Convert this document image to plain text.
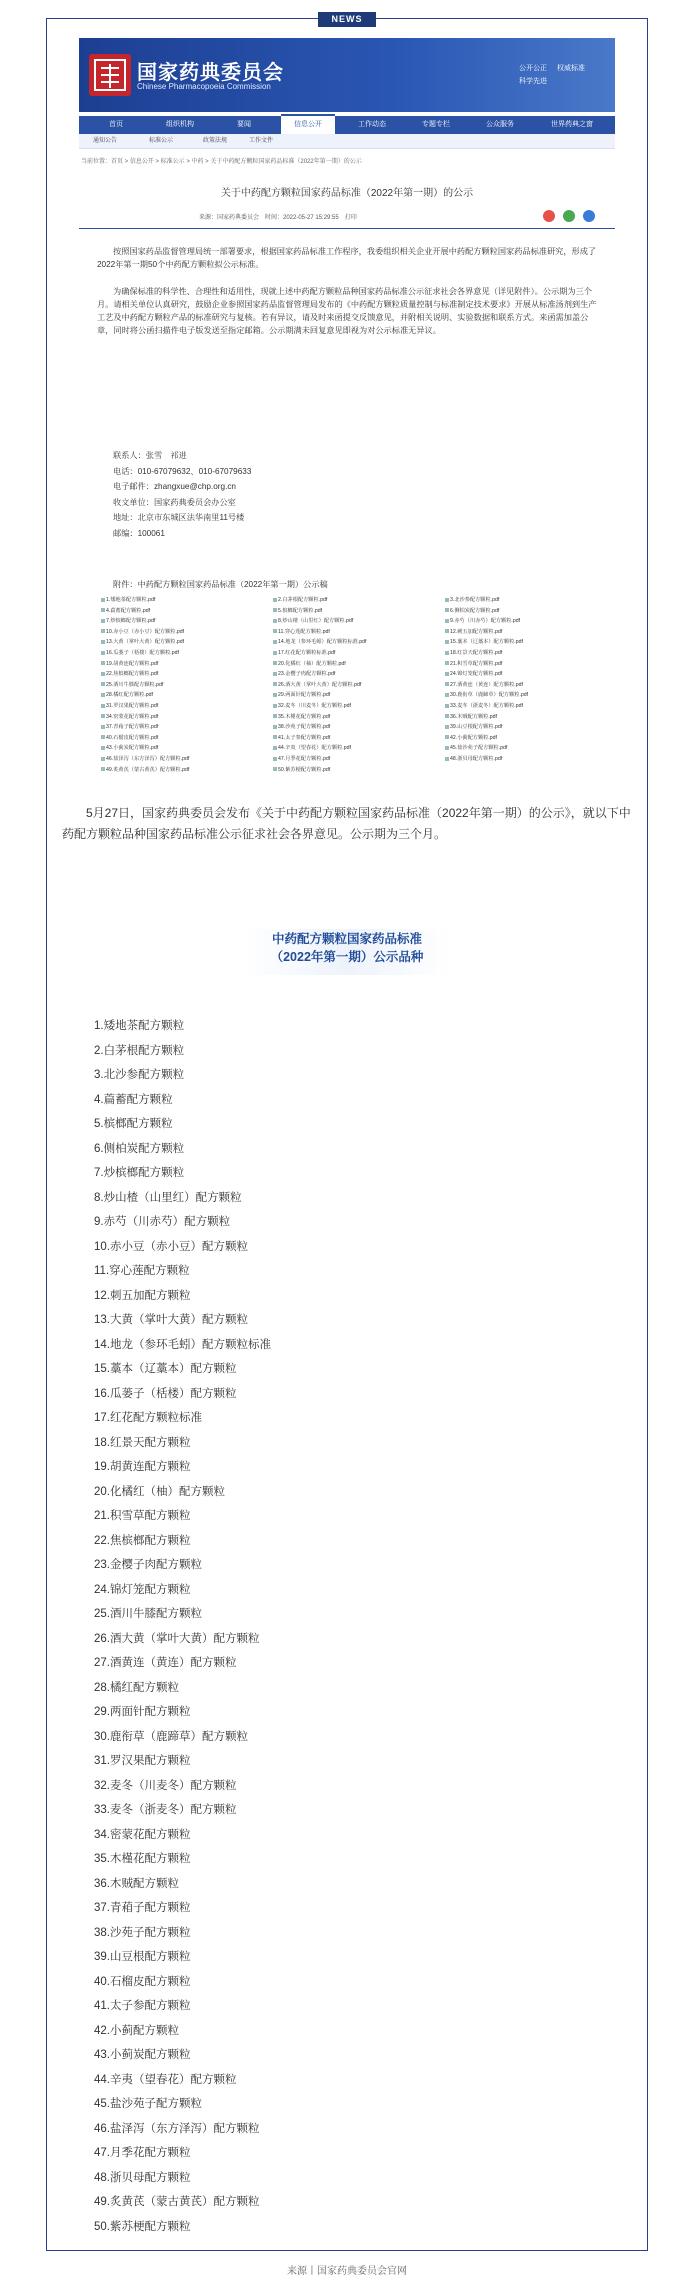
NEWS
国家药典委员会
Chinese Pharmacopoeia Commission
公开公正 权威标准
科学先进
首页	组织机构	要闻	信息公开	工作动态	专题专栏	公众服务	世界药典之窗
通知公告	标准公示	政策法规	工作文件
当前位置：首页 > 信息公开 > 标准公示 > 中药 > 关于中药配方颗粒国家药品标准（2022年第一期）的公示
关于中药配方颗粒国家药品标准（2022年第一期）的公示
来源：国家药典委员会　时间：2022-05-27 15:29:55　打印

按照国家药品监督管理局统一部署要求，根据国家药品标准工作程序，我委组织相关企业开展中药配方颗粒国家药品标准研究，形成了2022年第一期50个中药配方颗粒拟公示标准。

为确保标准的科学性、合理性和适用性，现就上述中药配方颗粒品种国家药品标准公示征求社会各界意见（详见附件）。公示期为三个月。请相关单位认真研究，鼓励企业参照国家药品监督管理局发布的《中药配方颗粒质量控制与标准制定技术要求》开展从标准汤剂到生产工艺及中药配方颗粒产品的标准研究与复核。若有异议，请及时来函提交反馈意见，并附相关说明、实验数据和联系方式。来函需加盖公章，同时将公函扫描件电子版发送至指定邮箱。公示期满未回复意见即视为对公示标准无异议。

联系人：张雪　祁进
电话：010-67079632、010-67079633
电子邮件：zhangxue@chp.org.cn
收文单位：国家药典委员会办公室
地址：北京市东城区法华南里11号楼
邮编：100061
附件：中药配方颗粒国家药品标准（2022年第一期）公示稿
1.矮地茶配方颗粒.pdf	2.白茅根配方颗粒.pdf	3.北沙参配方颗粒.pdf
4.萹蓄配方颗粒.pdf	5.槟榔配方颗粒.pdf	6.侧柏炭配方颗粒.pdf
7.炒槟榔配方颗粒.pdf	8.炒山楂（山里红）配方颗粒.pdf	9.赤芍（川赤芍）配方颗粒.pdf
10.赤小豆（赤小豆）配方颗粒.pdf	11.穿心莲配方颗粒.pdf	12.刺五加配方颗粒.pdf
13.大黄（掌叶大黄）配方颗粒.pdf	14.地龙（参环毛蚓）配方颗粒标准.pdf	15.藁本（辽藁本）配方颗粒.pdf
16.瓜蒌子（栝楼）配方颗粒.pdf	17.红花配方颗粒标准.pdf	18.红景天配方颗粒.pdf
19.胡黄连配方颗粒.pdf	20.化橘红（柚）配方颗粒.pdf	21.积雪草配方颗粒.pdf
22.焦槟榔配方颗粒.pdf	23.金樱子肉配方颗粒.pdf	24.锦灯笼配方颗粒.pdf
25.酒川牛膝配方颗粒.pdf	26.酒大黄（掌叶大黄）配方颗粒.pdf	27.酒黄连（黄连）配方颗粒.pdf
28.橘红配方颗粒.pdf	29.两面针配方颗粒.pdf	30.鹿衔草（鹿蹄草）配方颗粒.pdf
31.罗汉果配方颗粒.pdf	32.麦冬（川麦冬）配方颗粒.pdf	33.麦冬（浙麦冬）配方颗粒.pdf
34.密蒙花配方颗粒.pdf	35.木槿花配方颗粒.pdf	36.木贼配方颗粒.pdf
37.青葙子配方颗粒.pdf	38.沙苑子配方颗粒.pdf	39.山豆根配方颗粒.pdf
40.石榴皮配方颗粒.pdf	41.太子参配方颗粒.pdf	42.小蓟配方颗粒.pdf
43.小蓟炭配方颗粒.pdf	44.辛夷（望春花）配方颗粒.pdf	45.盐沙苑子配方颗粒.pdf
46.盐泽泻（东方泽泻）配方颗粒.pdf	47.月季花配方颗粒.pdf	48.浙贝母配方颗粒.pdf
49.炙黄芪（蒙古黄芪）配方颗粒.pdf	50.紫苏梗配方颗粒.pdf

5月27日，国家药典委员会发布《关于中药配方颗粒国家药品标准（2022年第一期）的公示》，就以下中药配方颗粒品种国家药品标准公示征求社会各界意见。公示期为三个月。

中药配方颗粒国家药品标准
（2022年第一期）公示品种
1.矮地茶配方颗粒
2.白茅根配方颗粒
3.北沙参配方颗粒
4.萹蓄配方颗粒
5.槟榔配方颗粒
6.侧柏炭配方颗粒
7.炒槟榔配方颗粒
8.炒山楂（山里红）配方颗粒
9.赤芍（川赤芍）配方颗粒
10.赤小豆（赤小豆）配方颗粒
11.穿心莲配方颗粒
12.刺五加配方颗粒
13.大黄（掌叶大黄）配方颗粒
14.地龙（参环毛蚓）配方颗粒标准
15.藁本（辽藁本）配方颗粒
16.瓜蒌子（栝楼）配方颗粒
17.红花配方颗粒标准
18.红景天配方颗粒
19.胡黄连配方颗粒
20.化橘红（柚）配方颗粒
21.积雪草配方颗粒
22.焦槟榔配方颗粒
23.金樱子肉配方颗粒
24.锦灯笼配方颗粒
25.酒川牛膝配方颗粒
26.酒大黄（掌叶大黄）配方颗粒
27.酒黄连（黄连）配方颗粒
28.橘红配方颗粒
29.两面针配方颗粒
30.鹿衔草（鹿蹄草）配方颗粒
31.罗汉果配方颗粒
32.麦冬（川麦冬）配方颗粒
33.麦冬（浙麦冬）配方颗粒
34.密蒙花配方颗粒
35.木槿花配方颗粒
36.木贼配方颗粒
37.青葙子配方颗粒
38.沙苑子配方颗粒
39.山豆根配方颗粒
40.石榴皮配方颗粒
41.太子参配方颗粒
42.小蓟配方颗粒
43.小蓟炭配方颗粒
44.辛夷（望春花）配方颗粒
45.盐沙苑子配方颗粒
46.盐泽泻（东方泽泻）配方颗粒
47.月季花配方颗粒
48.浙贝母配方颗粒
49.炙黄芪（蒙古黄芪）配方颗粒
50.紫苏梗配方颗粒
来源丨国家药典委员会官网
